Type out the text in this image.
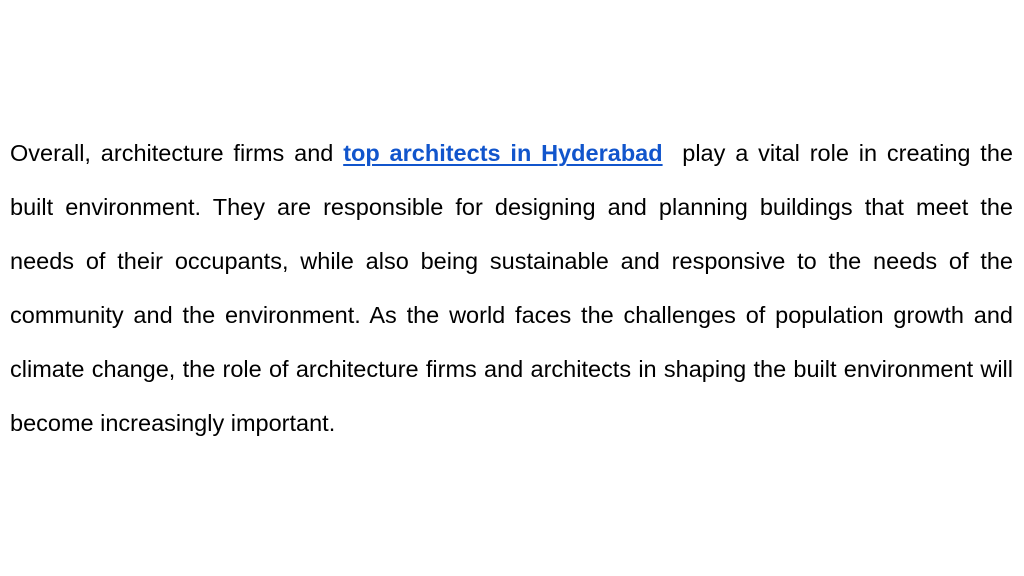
Overall, architecture firms and top architects in Hyderabad  play a vital role in creating the built environment. They are responsible for designing and planning buildings that meet the needs of their occupants, while also being sustainable and responsive to the needs of the community and the environment. As the world faces the challenges of population growth and climate change, the role of architecture firms and architects in shaping the built environment will become increasingly important.
